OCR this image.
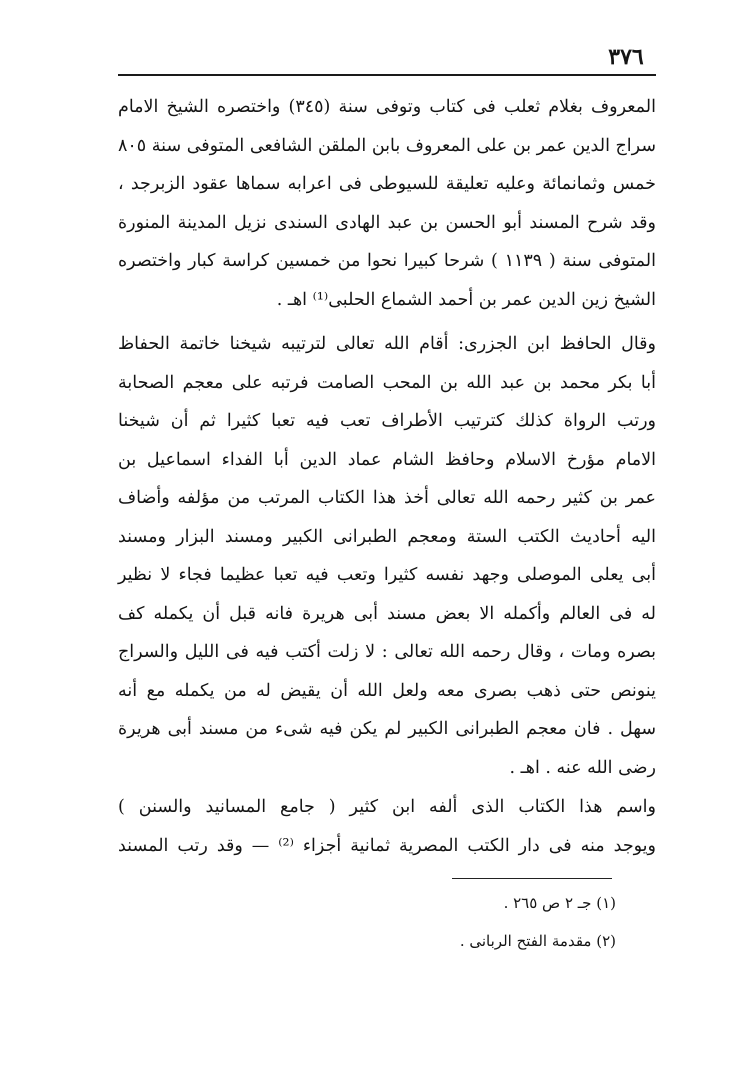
٣٧٦
المعروف بغلام ثعلب فى كتاب وتوفى سنة (٣٤٥) واختصره الشيخ الامام
سراج الدين عمر بن على المعروف بابن الملقن الشافعى المتوفى سنة ٨٠٥
خمس وثمانمائة وعليه تعليقة للسيوطى فى اعرابه سماها عقود الزبرجد ،
وقد شرح المسند أبو الحسن بن عبد الهادى السندى نزيل المدينة المنورة
المتوفى سنة ( ١١٣٩ ) شرحا كبيرا نحوا من خمسين كراسة كبار واختصره
الشيخ زين الدين عمر بن أحمد الشماع الحلبى⁽¹⁾ اهـ .
وقال الحافظ ابن الجزرى: أقام الله تعالى لترتيبه شيخنا خاتمة الحفاظ
أبا بكر محمد بن عبد الله بن المحب الصامت فرتبه على معجم الصحابة
ورتب الرواة كذلك كترتيب الأطراف تعب فيه تعبا كثيرا ثم أن شيخنا
الامام مؤرخ الاسلام وحافظ الشام عماد الدين أبا الفداء اسماعيل بن
عمر بن كثير رحمه الله تعالى أخذ هذا الكتاب المرتب من مؤلفه وأضاف
اليه أحاديث الكتب الستة ومعجم الطبرانى الكبير ومسند البزار ومسند
أبى يعلى الموصلى وجهد نفسه كثيرا وتعب فيه تعبا عظيما فجاء لا نظير
له فى العالم وأكمله الا بعض مسند أبى هريرة فانه قبل أن يكمله كف
بصره ومات ، وقال رحمه الله تعالى : لا زلت أكتب فيه فى الليل والسراج
ينونص حتى ذهب بصرى معه ولعل الله أن يقيض له من يكمله مع أنه
سهل . فان معجم الطبرانى الكبير لم يكن فيه شىء من مسند أبى هريرة
رضى الله عنه . اهـ .
واسم هذا الكتاب الذى ألفه ابن كثير ( جامع المسانيد والسنن )
ويوجد منه فى دار الكتب المصرية ثمانية أجزاء ⁽²⁾ — وقد رتب المسند
(١) جـ ٢ ص ٢٦٥ .
(٢) مقدمة الفتح الربانى .
